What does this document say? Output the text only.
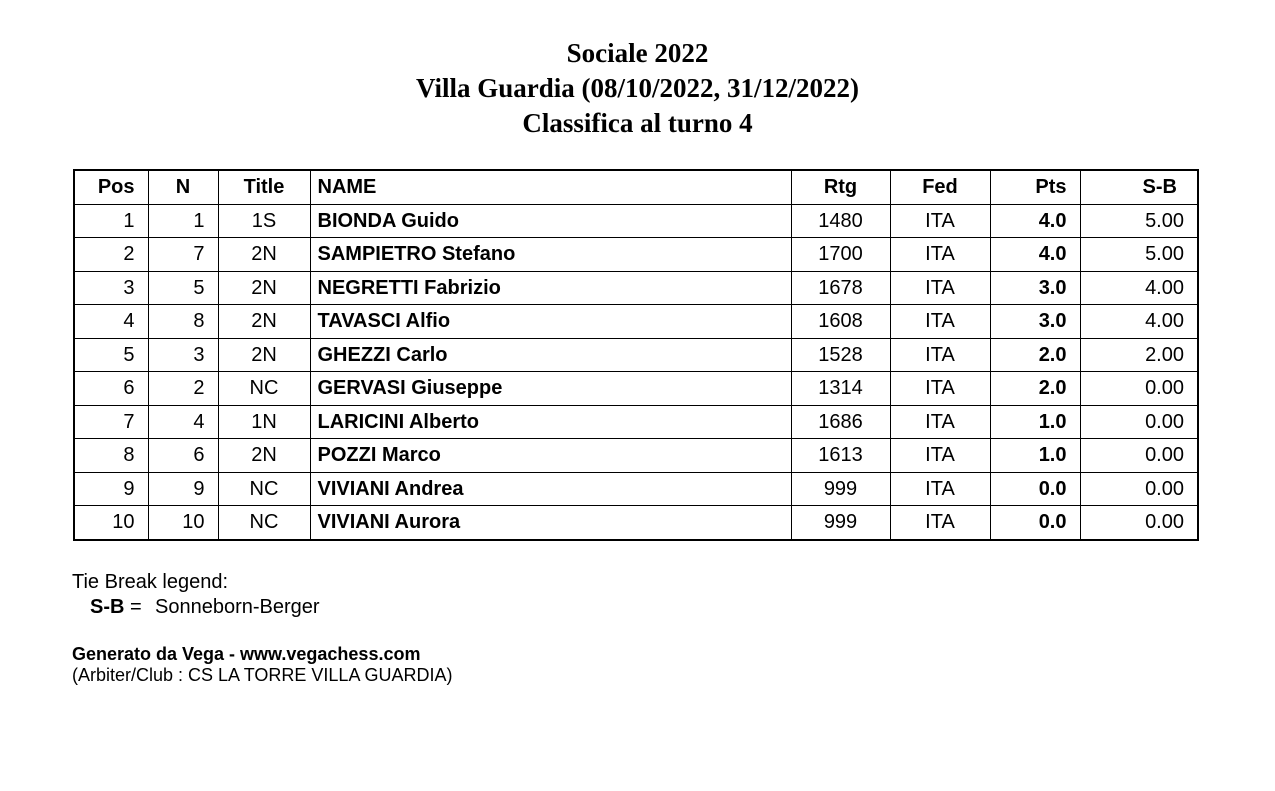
Sociale 2022
Villa Guardia (08/10/2022, 31/12/2022)
Classifica al turno 4
Pos	N	Title	NAME	Rtg	Fed	Pts	S-B
1	1	1S	BIONDA Guido	1480	ITA	4.0	5.00
2	7	2N	SAMPIETRO Stefano	1700	ITA	4.0	5.00
3	5	2N	NEGRETTI Fabrizio	1678	ITA	3.0	4.00
4	8	2N	TAVASCI Alfio	1608	ITA	3.0	4.00
5	3	2N	GHEZZI Carlo	1528	ITA	2.0	2.00
6	2	NC	GERVASI Giuseppe	1314	ITA	2.0	0.00
7	4	1N	LARICINI Alberto	1686	ITA	1.0	0.00
8	6	2N	POZZI Marco	1613	ITA	1.0	0.00
9	9	NC	VIVIANI Andrea	999	ITA	0.0	0.00
10	10	NC	VIVIANI Aurora	999	ITA	0.0	0.00
Tie Break legend:
S-B = Sonneborn-Berger
Generato da Vega - www.vegachess.com
(Arbiter/Club : CS LA TORRE VILLA GUARDIA)
